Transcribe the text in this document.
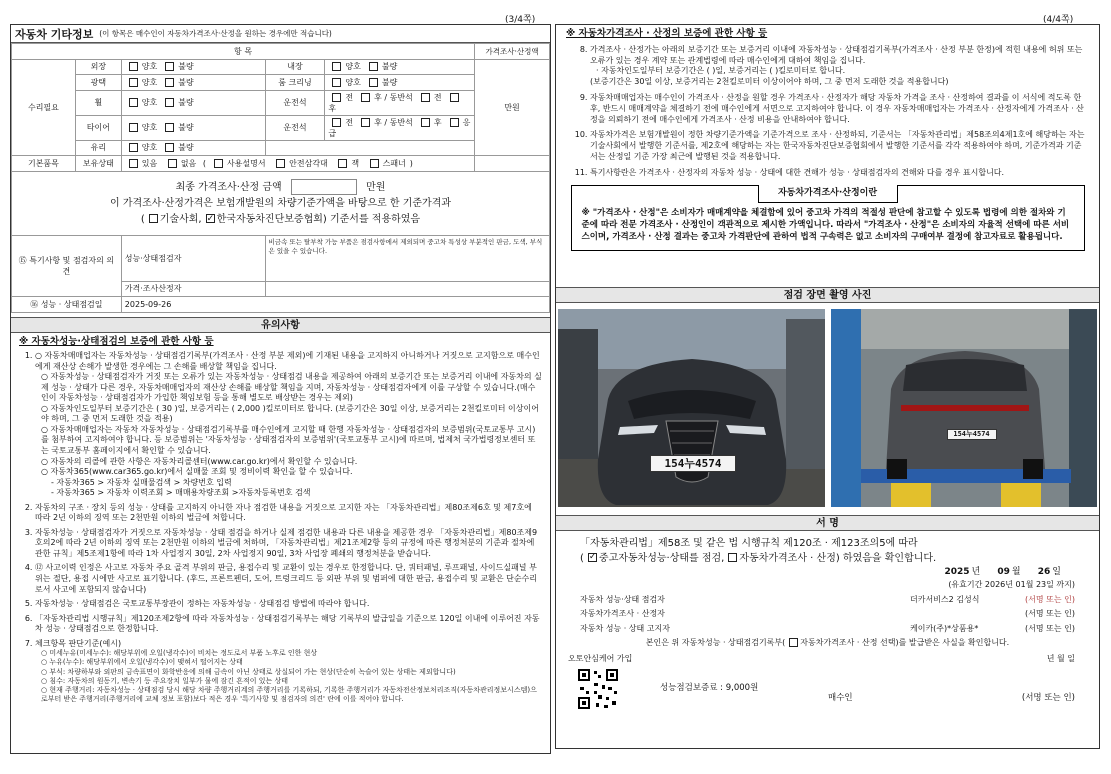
(3/4쪽)	(4/4쪽)
자동차 기타정보 (이 항목은 매수인이 자동차가격조사·산정을 원하는 경우에만 적습니다)
항 목					가격조사·산정액
수리필요	외장	양호 불량	내장	양호 불량	만원
	광택	양호 불량	룸 크리닝	양호 불량	
	휠	양호 불량	운전석	전 후 / 동반석 전후	
	타이어	양호 불량	운전석	전 후 / 동반석 후 응급	
	유리	양호 불량			
기본품목	보유상태	있음 없음 ( 사용설명서 안전삼각대 잭 스패너 )			

최종 가격조사·산정 금액 만원
이 가격조사·산정가격은 보험개발원의 차량기준가액을 바탕으로 한 기준가격과
( 기술사회, ✓ 한국자동차진단보증협회) 기준서를 적용하였음

⑮ 특기사항 및 점검자의 의견		성능·상태점검자	비금속 또는 탈부착 가능 부품은 점검사항에서 제외되며 중고차 특성상 부분적인 판금, 도색, 부식은 있을 수 있습니다.		
		가격·조사산정자			
⑯ 성능 · 상태점검일		2025-09-26			
유의사항
※ 자동차성능·상태점검의 보증에 관한 사항 등
1. ○ 자동차매매업자는 자동차성능 · 상태점검기록부(가격조사 · 산정 부분 제외)에 기재된 내용을 고지하지 아니하거나 거짓으로 고지함으로 매수인에게 재산상 손해가 발생한 경우에는 그 손해를 배상할 책임을 집니다.
○ 자동차성능 · 상태점검자가 거짓 또는 오류가 있는 자동차성능 · 상태점검 내용을 제공하여 아래의 보증기간 또는 보증거리 이내에 자동차의 실제 성능 · 상태가 다른 경우, 자동차매매업자의 재산상 손해를 배상할 책임을 지며, 자동차성능 · 상태점검자에게 이를 구상할 수 있습니다.(매수인이 자동차성능 · 상태점검자가 가입한 책임보험 등을 통해 별도로 배상받는 경우는 제외)
○ 자동차인도일부터 보증기간은 ( 30 )일, 보증거리는 ( 2,000 )킬로미터로 합니다. (보증기간은 30일 이상, 보증거리는 2천킬로미터 이상이어야 하며, 그 중 먼저 도래한 것을 적용)
○ 자동차매매업자는 자동차 자동차성능 · 상태점검기록부를 매수인에게 고지할 때 한행 자동차성능 · 상태점검자의 보증범위(국토교통부 고시)를 첨부하여 고지하여야 합니다. 등 보증범위는 '자동차성능 · 상태점검자의 보증범위'(국토교통부 고시)에 따르며, 법제처 국가법령정보센터 또는 국토교통부 홈페이지에서 확인할 수 있습니다.
○ 자동차의 리콜에 관한 사항은 자동차리콜센터(www.car.go.kr)에서 확인할 수 있습니다.
○ 자동차365(www.car365.go.kr)에서 실매물 조회 및 정비이력 확인을 할 수 있습니다.
- 자동차365 > 자동차 실매물검색 > 차량번호 입력
- 자동차365 > 자동차 이력조회 > 매매용차량조회 >자동차등록번호 검색
2. 자동차의 구조 · 장치 등의 성능 · 상태를 고지하지 아니한 자나 점검한 내용을 거짓으로 고지한 자는 「자동차관리법」제80조제6호 및 제7호에 따라 2년 이하의 징역 또는 2천만원 이하의 벌금에 처합니다.
3. 자동차성능 · 상태점검자가 거짓으로 자동차성능 · 상태 점검을 하거나 실제 점검한 내용과 다른 내용을 제공한 경우 「자동차관리법」제80조제9호의2에 따라 2년 이하의 징역 또는 2천만원 이하의 벌금에 처하며, 「자동차관리법」제21조제2항 등의 규정에 따른 행정처분의 기준과 절차에 관한 규칙」제5조제1항에 따라 1차 사업정지 30일, 2차 사업정지 90일, 3차 사업장 폐쇄의 행정처분을 받습니다.
4. ⑫ 사고이력 인정은 사고로 자동차 주요 골격 부위의 판금, 용접수리 및 교환이 있는 경우로 한정합니다. 단, 쿼터패널, 루프패널, 사이드실패널 부위는 절단, 용접 시에만 사고로 표기합니다. (후드, 프론트펜더, 도어, 트렁크리드 등 외판 부위 및 범퍼에 대한 판금, 용접수리 및 교환은 단순수리로서 사고에 포함되지 않습니다)
5. 자동차성능 · 상태점검은 국토교통부장관이 정하는 자동차성능 · 상태점검 방법에 따라야 합니다.
6. 「자동차관리법 시행규칙」제120조제2항에 따라 자동차성능 · 상태점검기록부는 해당 기록부의 발급일을 기준으로 120일 이내에 이루어진 자동차 성능 · 상태점검으로 한정합니다.
7. 체크항목 판단기준(예시)
○ 미세누유(미세누수): 해당부위에 오일(냉각수)이 비치는 정도로서 부품 노후로 인한 현상
○ 누유(누수): 해당부위에서 오일(냉각수)이 맺혀서 떨어지는 상태
○ 부식: 차량하부와 외판의 금속표면이 화학반응에 의해 금속이 아닌 상태로 상실되어 가는 현상(단순히 녹슬어 있는 상태는 제외합니다)
○ 침수: 자동차의 원동기, 변속기 등 주요장치 일부가 물에 잠긴 흔적이 있는 상태
○ 현재 주행거리: 자동차성능 · 상태점검 당시 해당 차량 주행거리계의 주행거리를 기록하되, 기록한 주행거리가 자동차전산정보처리조직(자동차관리정보시스템)으로부터 받은 주행거리(주행거리에 교체 정보 포함)보다 적은 경우 '특기사항 및 점검자의 의견' 란에 이를 적어야 합니다.
※ 자동차가격조사 · 산정의 보증에 관한 사항 등
8. 가격조사 · 산정가는 아래의 보증기간 또는 보증거리 이내에 자동차성능 · 상태점검기록부(가격조사 · 산정 부분 한정)에 적힌 내용에 허위 또는 오류가 있는 경우 계약 또는 관계법령에 따라 매수인에게 대하여 책임을 집니다.
· 자동차인도일부터 보증기간은 ( )일, 보증거리는 ( )킬로미터로 합니다.
(보증기간은 30일 이상, 보증거리는 2천킬로미터 이상이어야 하며, 그 중 먼저 도래한 것을 적용합니다)
9. 자동차매매업자는 매수인이 가격조사 · 산정을 원할 경우 가격조사 · 산정자가 해당 자동차 가격을 조사 · 산정하여 결과를 이 서식에 적도록 한 후, 반드시 매매계약을 체결하기 전에 매수인에게 서면으로 고지하여야 합니다. 이 경우 자동차매매업자는 가격조사 · 산정자에게 가격조사 · 산정을 의뢰하기 전에 매수인에게 가격조사 · 산정 비용을 안내하여야 합니다.
10. 자동차가격은 보험개발원이 정한 차량기준가액을 기준가격으로 조사 · 산정하되, 기준서는 「자동차관리법」제58조의4제1호에 해당하는 자는 기술사회에서 발행한 기준서를, 제2호에 해당하는 자는 한국자동차진단보증협회에서 발행한 기준서를 각각 적용하여야 하며, 기준가격과 기준서는 산정일 기준 가장 최근에 발행된 것을 적용합니다.
11. 특기사항란은 가격조사 · 산정자의 자동차 성능 · 상태에 대한 견해가 성능 · 상태점검자의 견해와 다를 경우 표시합니다.
자동차가격조사·산정이란
※ "가격조사 · 산정"은 소비자가 매매계약을 체결함에 있어 중고차 가격의 적절성 판단에 참고할 수 있도록 법령에 의한 절차와 기준에 따라 전문 가격조사 · 산정인이 객관적으로 제시한 가액입니다. 따라서 "가격조사 · 산정"은 소비자의 자율적 선택에 따른 서비스이며, 가격조사 · 산정 결과는 중고차 가격판단에 관하여 법적 구속력은 없고 소비자의 구매여부 결정에 참고자료로 활용됩니다.
점검 장면 촬영 사진
154누4574
154누4574
서 명
「자동차관리법」제58조 및 같은 법 시행규칙 제120조 · 제123조의5에 따라
( ✓ 중고자동차성능·상태를 점검, 자동차가격조사 · 산정) 하였음을 확인합니다.
2025 년 09 월 26 일
(유효기간 2026년 01월 23일 까지)
자동차 성능·상태 점검자	더카서비스2 김성식	(서명 또는 인)
자동차가격조사 · 산정자	(서명 또는 인)
자동차 성능 · 상태 고지자	케이카(주)*상품용*	(서명 또는 인)
본인은 위 자동차성능 · 상태점검기록부( 자동차가격조사 · 산정 선택)를 발급받은 사실을 확인합니다.
오토안심케어 가입	년 월 일
성능점검보증료 : 9,000원
매수인	(서명 또는 인)
